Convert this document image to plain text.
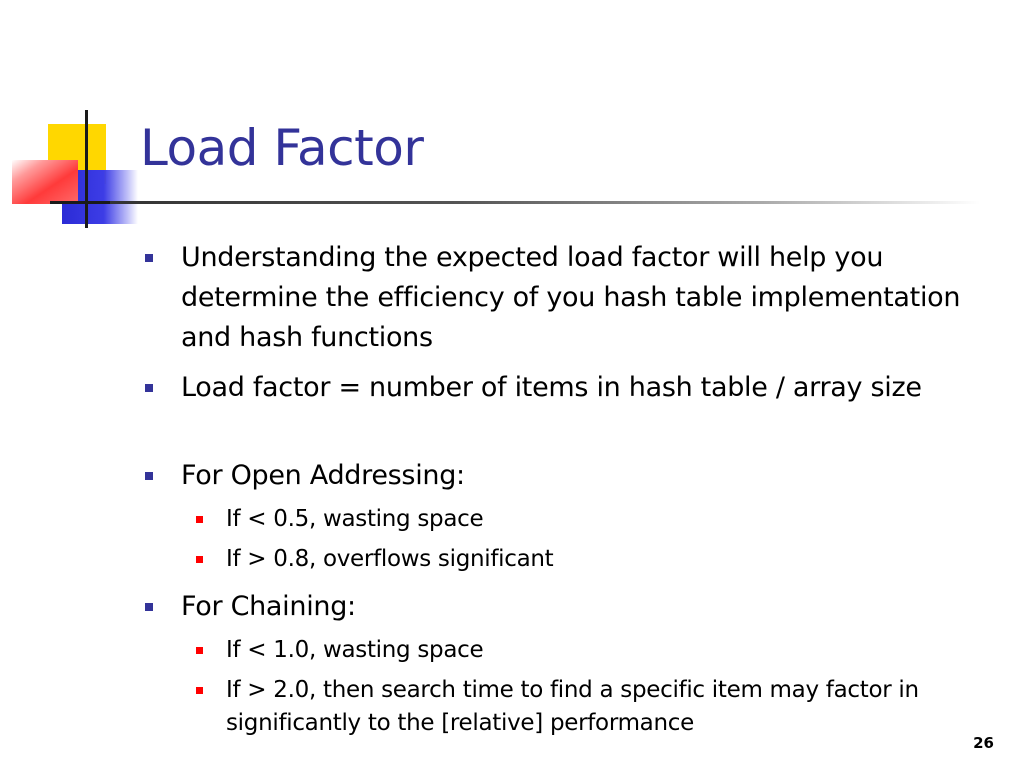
Load Factor
Understanding the expected load factor will help you determine the efficiency of you hash table implementation and hash functions
Load factor = number of items in hash table / array size
For Open Addressing:
If < 0.5, wasting space
If > 0.8, overflows significant
For Chaining:
If < 1.0, wasting space
If > 2.0, then search time to find a specific item may factor in significantly to the [relative] performance
26
